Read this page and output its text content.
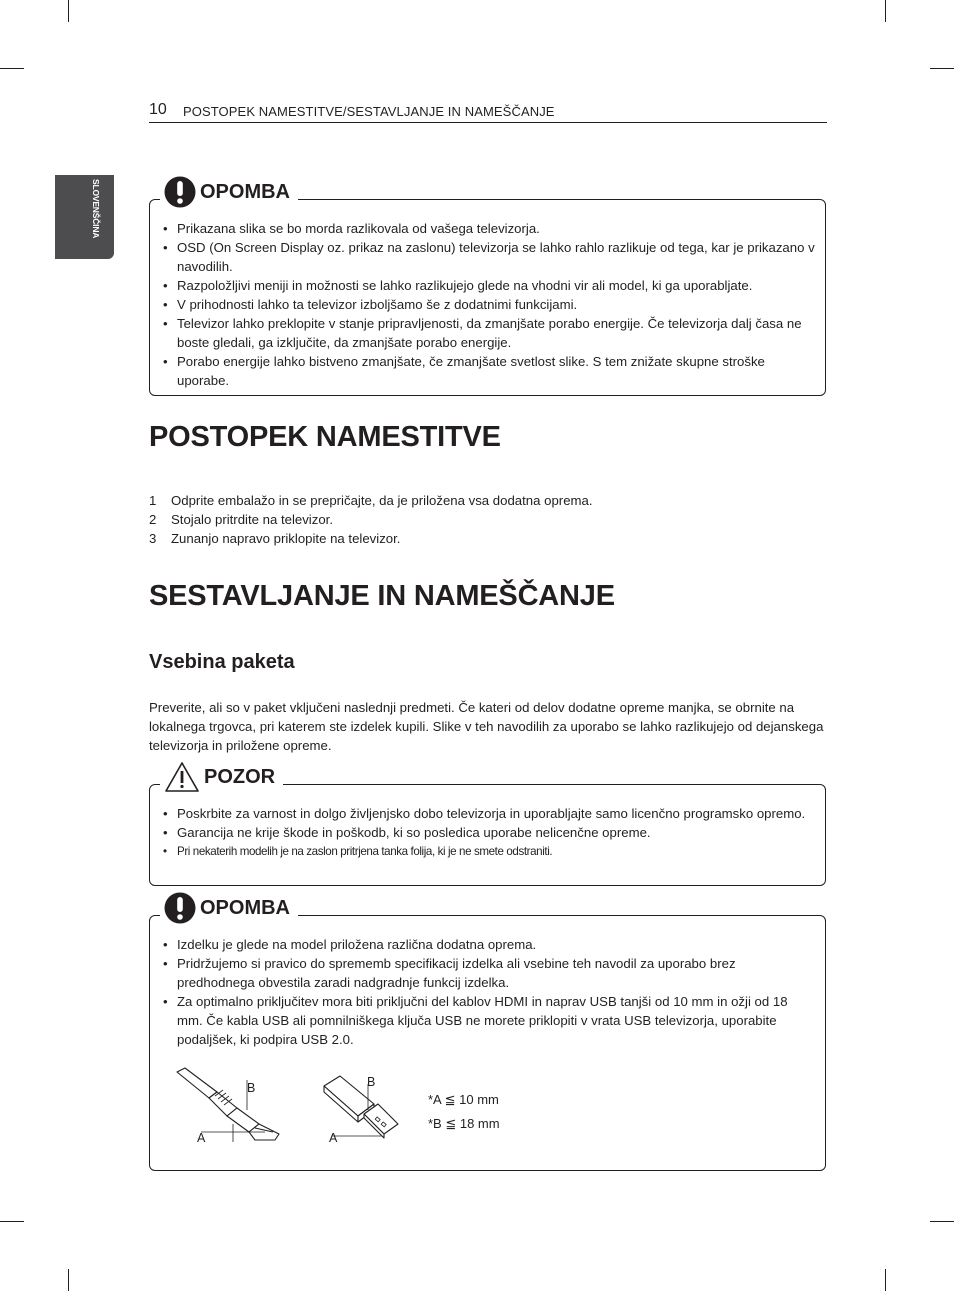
10 POSTOPEK NAMESTITVE/SESTAVLJANJE IN NAMEŠČANJE
SLOVENŠČINA	OPOMBA
• Prikazana slika se bo morda razlikovala od vašega televizorja.
• OSD (On Screen Display oz. prikaz na zaslonu) televizorja se lahko rahlo razlikuje od tega, kar je prikazano v navodilih.
• Razpoložljivi meniji in možnosti se lahko razlikujejo glede na vhodni vir ali model, ki ga uporabljate.
• V prihodnosti lahko ta televizor izboljšamo še z dodatnimi funkcijami.
• Televizor lahko preklopite v stanje pripravljenosti, da zmanjšate porabo energije. Če televizorja dalj časa ne boste gledali, ga izklјučite, da zmanjšate porabo energije.
• Porabo energije lahko bistveno zmanjšate, če zmanjšate svetlost slike. S tem znižate skupne stroške uporabe.
POSTOPEK NAMESTITVE
1 Odprite embalažo in se prepričajte, da je priložena vsa dodatna oprema.
2 Stojalo pritrdite na televizor.
3 Zunanjo napravo priklopite na televizor.
SESTAVLJANJE IN NAMEŠČANJE
Vsebina paketa

Preverite, ali so v paket vključeni naslednji predmeti. Če kateri od delov dodatne opreme manjka, se obrnite na lokalnega trgovca, pri katerem ste izdelek kupili. Slike v teh navodilih za uporabo se lahko razlikujejo od dejanskega televizorja in priložene opreme.

POZOR
• Poskrbite za varnost in dolgo življenjsko dobo televizorja in uporabljajte samo licenčno programsko opremo.
• Garancija ne krije škode in poškodb, ki so posledica uporabe nelicenčne opreme.
• Pri nekaterih modelih je na zaslon pritrjena tanka folija, ki je ne smete odstraniti.
OPOMBA
• Izdelku je glede na model priložena različna dodatna oprema.
• Pridržujemo si pravico do sprememb specifikacij izdelka ali vsebine teh navodil za uporabo brez predhodnega obvestila zaradi nadgradnje funkcij izdelka.
• Za optimalno priključitev mora biti priključni del kablov HDMI in naprav USB tanjši od 10 mm in ožji od 18 mm. Če kabla USB ali pomnilniškega ključa USB ne morete priklopiti v vrata USB televizorja, uporabite podaljšek, ki podpira USB 2.0.
B
A
B
A
*A ≦ 10 mm
*B ≦ 18 mm
